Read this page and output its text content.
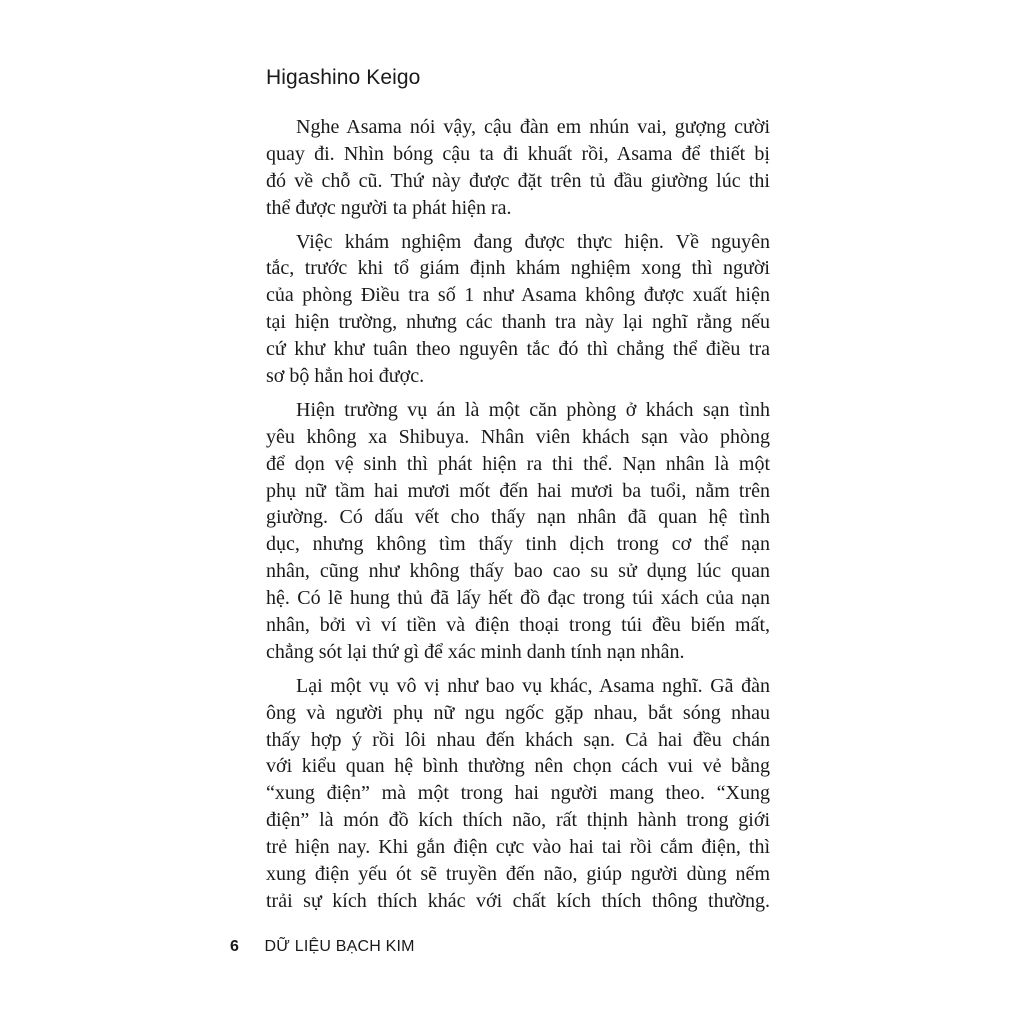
Higashino Keigo
Nghe Asama nói vậy, cậu đàn em nhún vai, gượng cười
quay đi. Nhìn bóng cậu ta đi khuất rồi, Asama để thiết bị
đó về chỗ cũ. Thứ này được đặt trên tủ đầu giường lúc thi
thể được người ta phát hiện ra.
Việc khám nghiệm đang được thực hiện. Về nguyên
tắc, trước khi tổ giám định khám nghiệm xong thì người
của phòng Điều tra số 1 như Asama không được xuất hiện
tại hiện trường, nhưng các thanh tra này lại nghĩ rằng nếu
cứ khư khư tuân theo nguyên tắc đó thì chẳng thể điều tra
sơ bộ hẳn hoi được.
Hiện trường vụ án là một căn phòng ở khách sạn tình
yêu không xa Shibuya. Nhân viên khách sạn vào phòng
để dọn vệ sinh thì phát hiện ra thi thể. Nạn nhân là một
phụ nữ tầm hai mươi mốt đến hai mươi ba tuổi, nằm trên
giường. Có dấu vết cho thấy nạn nhân đã quan hệ tình
dục, nhưng không tìm thấy tinh dịch trong cơ thể nạn
nhân, cũng như không thấy bao cao su sử dụng lúc quan
hệ. Có lẽ hung thủ đã lấy hết đồ đạc trong túi xách của nạn
nhân, bởi vì ví tiền và điện thoại trong túi đều biến mất,
chẳng sót lại thứ gì để xác minh danh tính nạn nhân.
Lại một vụ vô vị như bao vụ khác, Asama nghĩ. Gã đàn
ông và người phụ nữ ngu ngốc gặp nhau, bắt sóng nhau
thấy hợp ý rồi lôi nhau đến khách sạn. Cả hai đều chán
với kiểu quan hệ bình thường nên chọn cách vui vẻ bằng
“xung điện” mà một trong hai người mang theo. “Xung
điện” là món đồ kích thích não, rất thịnh hành trong giới
trẻ hiện nay. Khi gắn điện cực vào hai tai rồi cắm điện, thì
xung điện yếu ót sẽ truyền đến não, giúp người dùng nếm
trải sự kích thích khác với chất kích thích thông thường.
6 DỮ LIỆU BẠCH KIM
